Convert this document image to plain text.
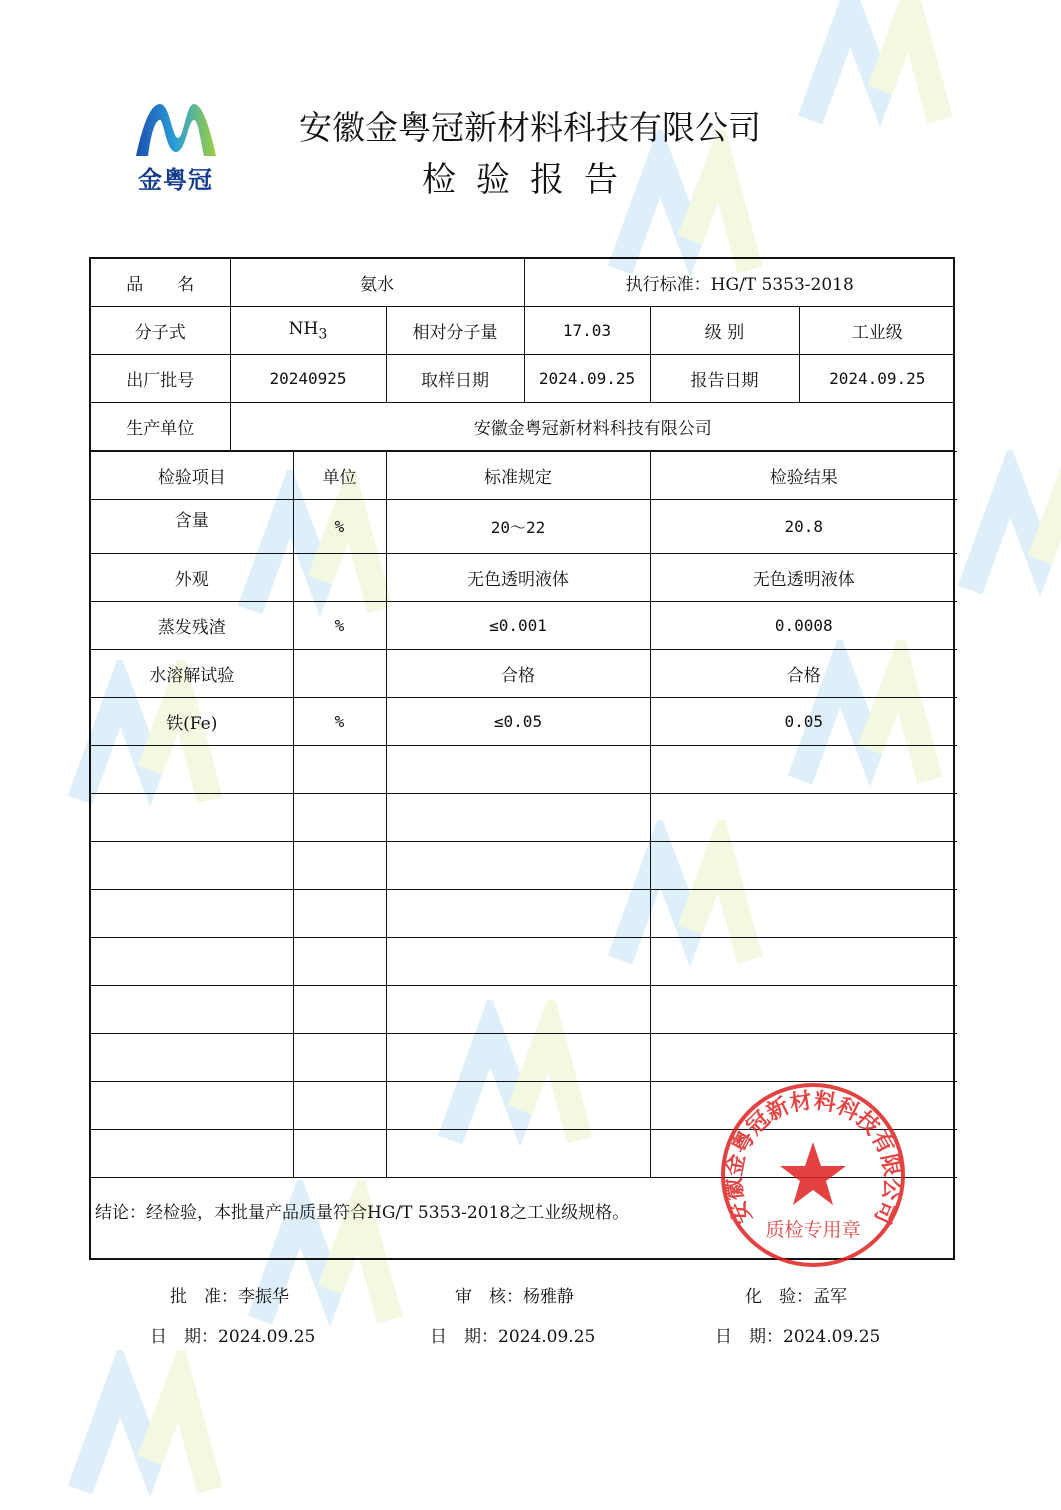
金粤冠
安徽金粤冠新材料科技有限公司
检验报告
品　　名	氨水		执行标准：HG/T 5353-2018		
分子式	$NH_3$	相对分子量	17.03	级 别	工业级
出厂批号	20240925	取样日期	2024.09.25	报告日期	2024.09.25
生产单位	安徽金粤冠新材料科技有限公司				
检验项目	单位	标准规定	检验结果
含量	%	20～22	20.8
外观		无色透明液体	无色透明液体
蒸发残渣	%	≤0.001	0.0008
水溶解试验		合格	合格
铁(Fe)	%	≤0.05	0.05

结论：经检验，本批量产品质量符合HG/T 5353-2018之工业级规格。	安徽金粤冠新材料科技有限公司
质检专用章
批　准：李振华	审　核：杨雅静	化　验：孟军
日　期：2024.09.25	日　期：2024.09.25	日　期：2024.09.25
